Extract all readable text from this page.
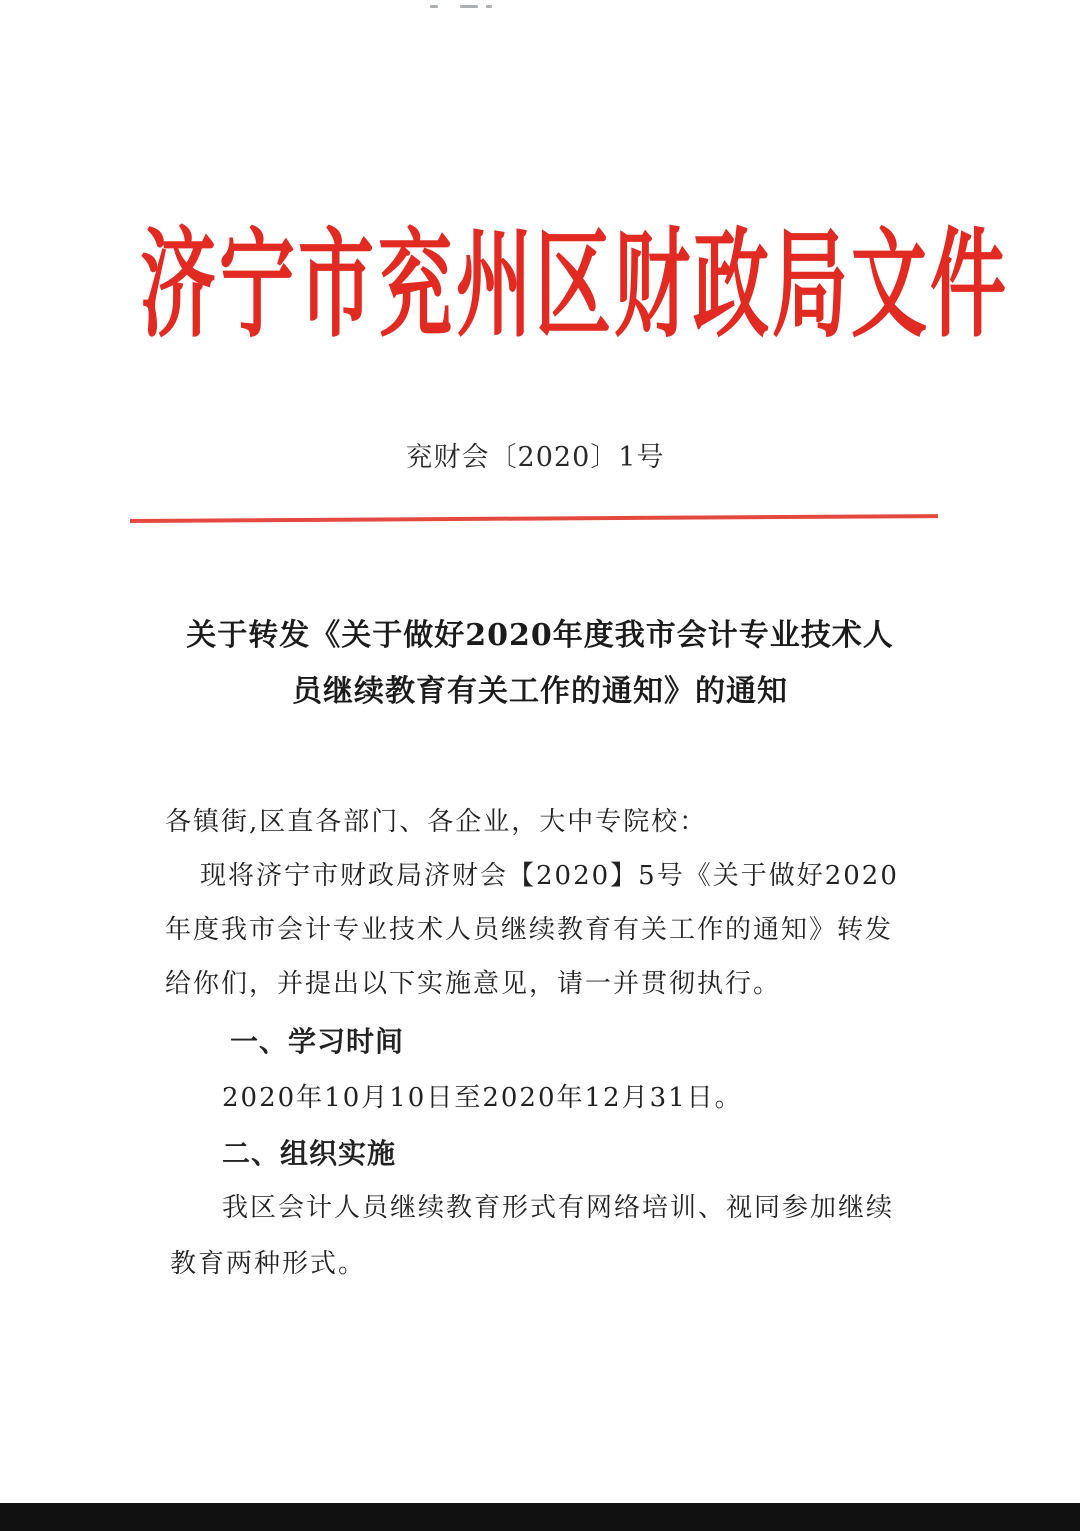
济宁市兖州区财政局文件
兖财会〔2020〕1号
关于转发《关于做好2020年度我市会计专业技术人
员继续教育有关工作的通知》的通知
各镇街,区直各部门、各企业，大中专院校：
现将济宁市财政局济财会【2020】5号《关于做好2020
年度我市会计专业技术人员继续教育有关工作的通知》转发
给你们，并提出以下实施意见，请一并贯彻执行。
一、学习时间
2020年10月10日至2020年12月31日。
二、组织实施
我区会计人员继续教育形式有网络培训、视同参加继续
教育两种形式。
